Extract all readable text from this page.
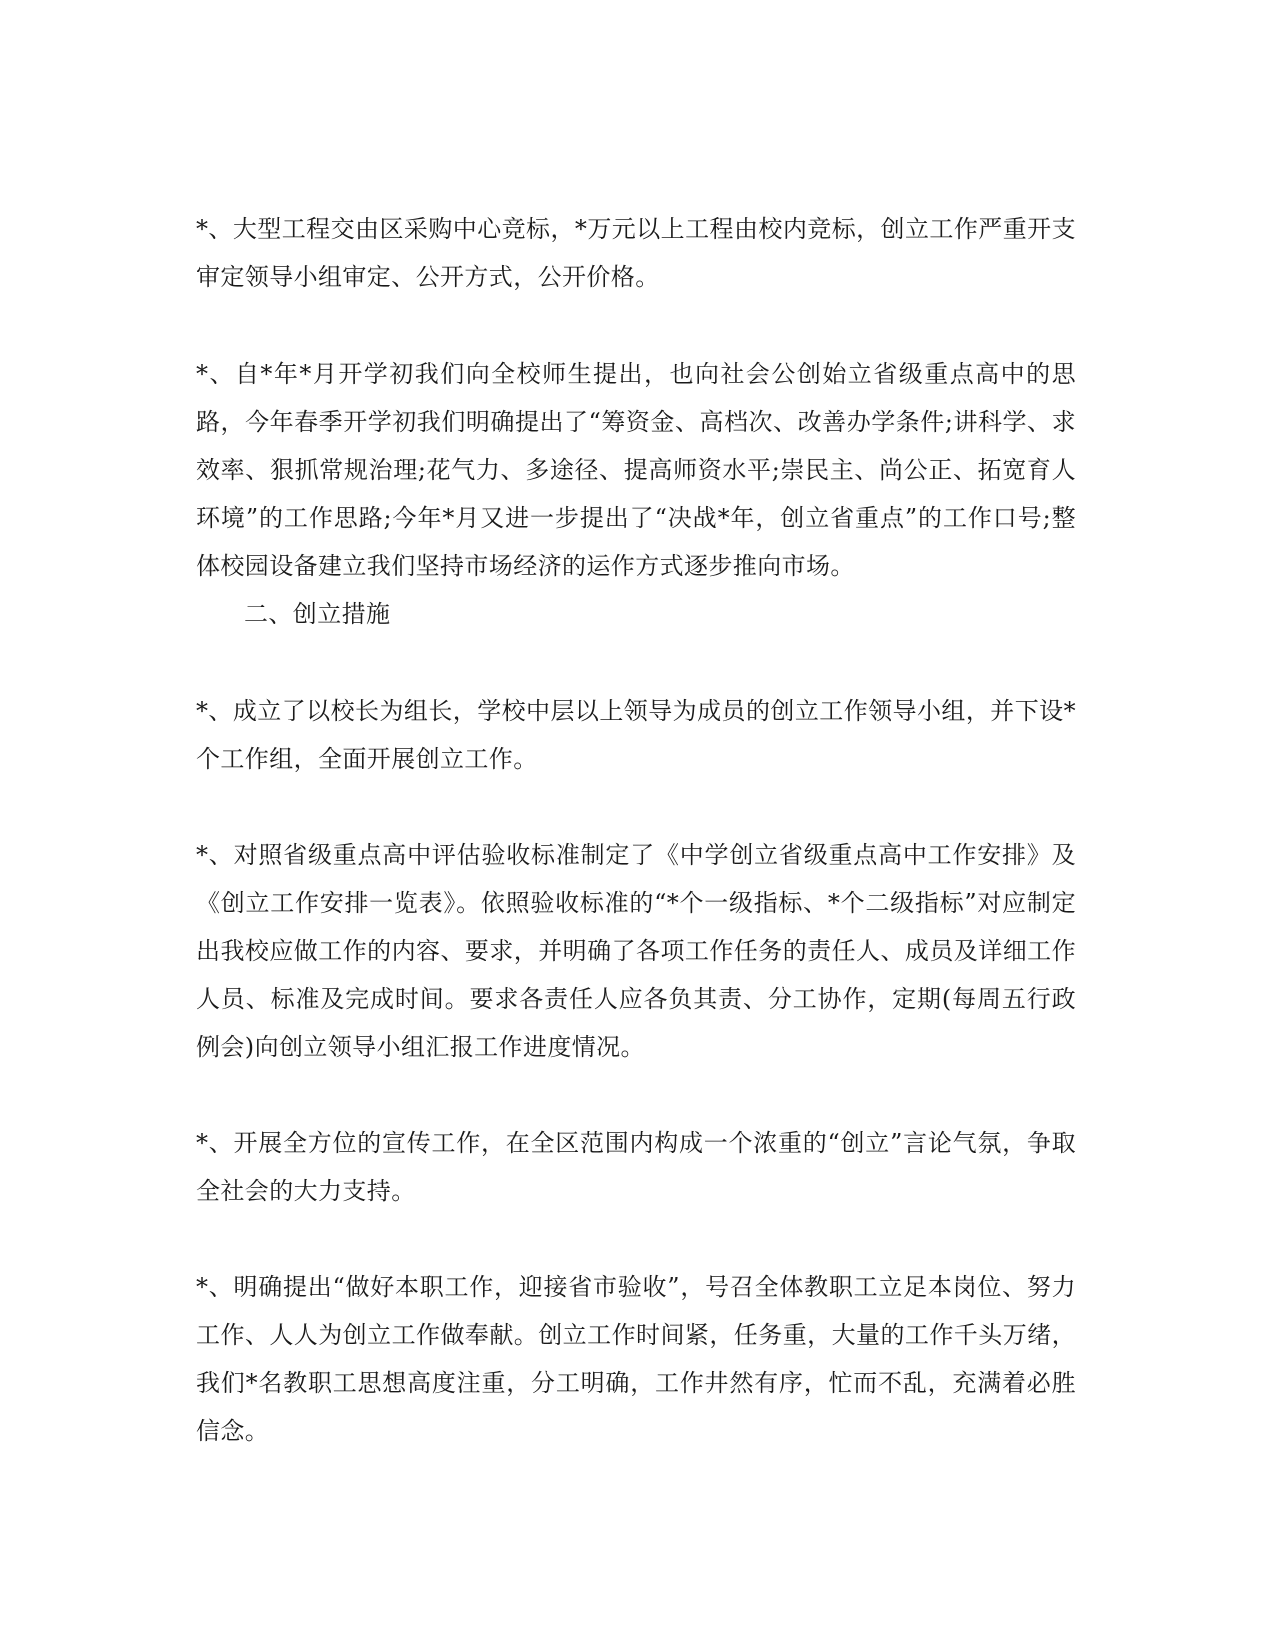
*、大型工程交由区采购中心竞标，*万元以上工程由校内竞标，创立工作严重开支审定领导小组审定、公开方式，公开价格。

*、自*年*月开学初我们向全校师生提出，也向社会公创始立省级重点高中的思路，今年春季开学初我们明确提出了“筹资金、高档次、改善办学条件;讲科学、求效率、狠抓常规治理;花气力、多途径、提高师资水平;崇民主、尚公正、拓宽育人环境”的工作思路;今年*月又进一步提出了“决战*年，创立省重点”的工作口号;整体校园设备建立我们坚持市场经济的运作方式逐步推向市场。

二、创立措施

*、成立了以校长为组长，学校中层以上领导为成员的创立工作领导小组，并下设*个工作组，全面开展创立工作。

*、对照省级重点高中评估验收标准制定了《中学创立省级重点高中工作安排》及《创立工作安排一览表》。依照验收标准的“*个一级指标、*个二级指标”对应制定出我校应做工作的内容、要求，并明确了各项工作任务的责任人、成员及详细工作人员、标准及完成时间。要求各责任人应各负其责、分工协作，定期(每周五行政例会)向创立领导小组汇报工作进度情况。

*、开展全方位的宣传工作，在全区范围内构成一个浓重的“创立”言论气氛，争取全社会的大力支持。

*、明确提出“做好本职工作，迎接省市验收”，号召全体教职工立足本岗位、努力工作、人人为创立工作做奉献。创立工作时间紧，任务重，大量的工作千头万绪，我们*名教职工思想高度注重，分工明确，工作井然有序，忙而不乱，充满着必胜信念。
